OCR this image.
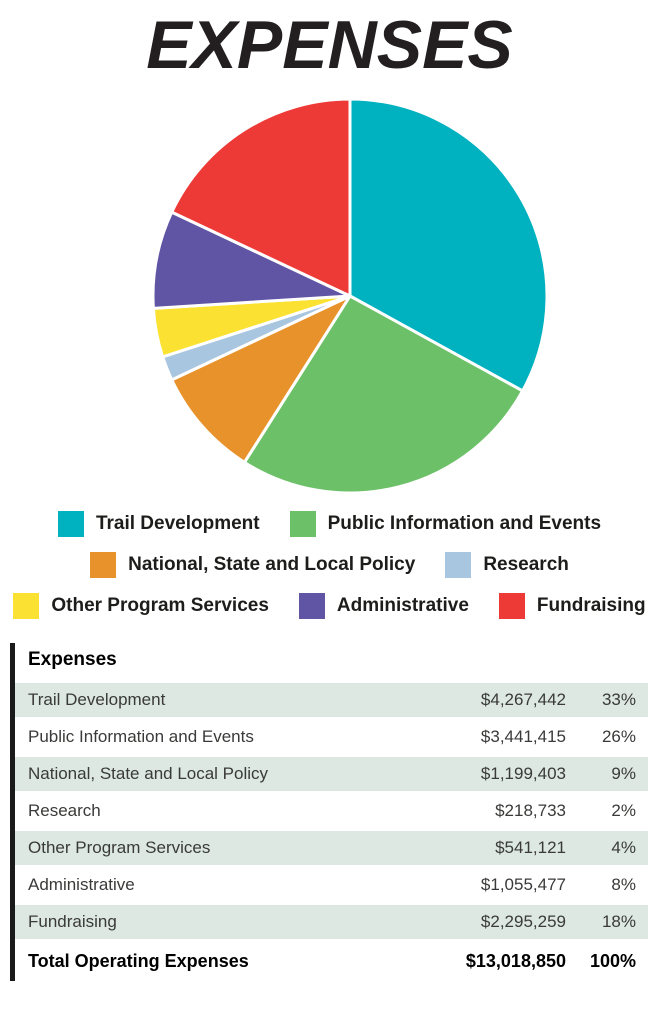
EXPENSES
Trail Development	Public Information and Events
National, State and Local Policy	Research
Other Program Services	Administrative	Fundraising
Expenses
Trail Development	$4,267,442	33%
Public Information and Events	$3,441,415	26%
National, State and Local Policy	$1,199,403	9%
Research	$218,733	2%
Other Program Services	$541,121	4%
Administrative	$1,055,477	8%
Fundraising	$2,295,259	18%
Total Operating Expenses	$13,018,850	100%
